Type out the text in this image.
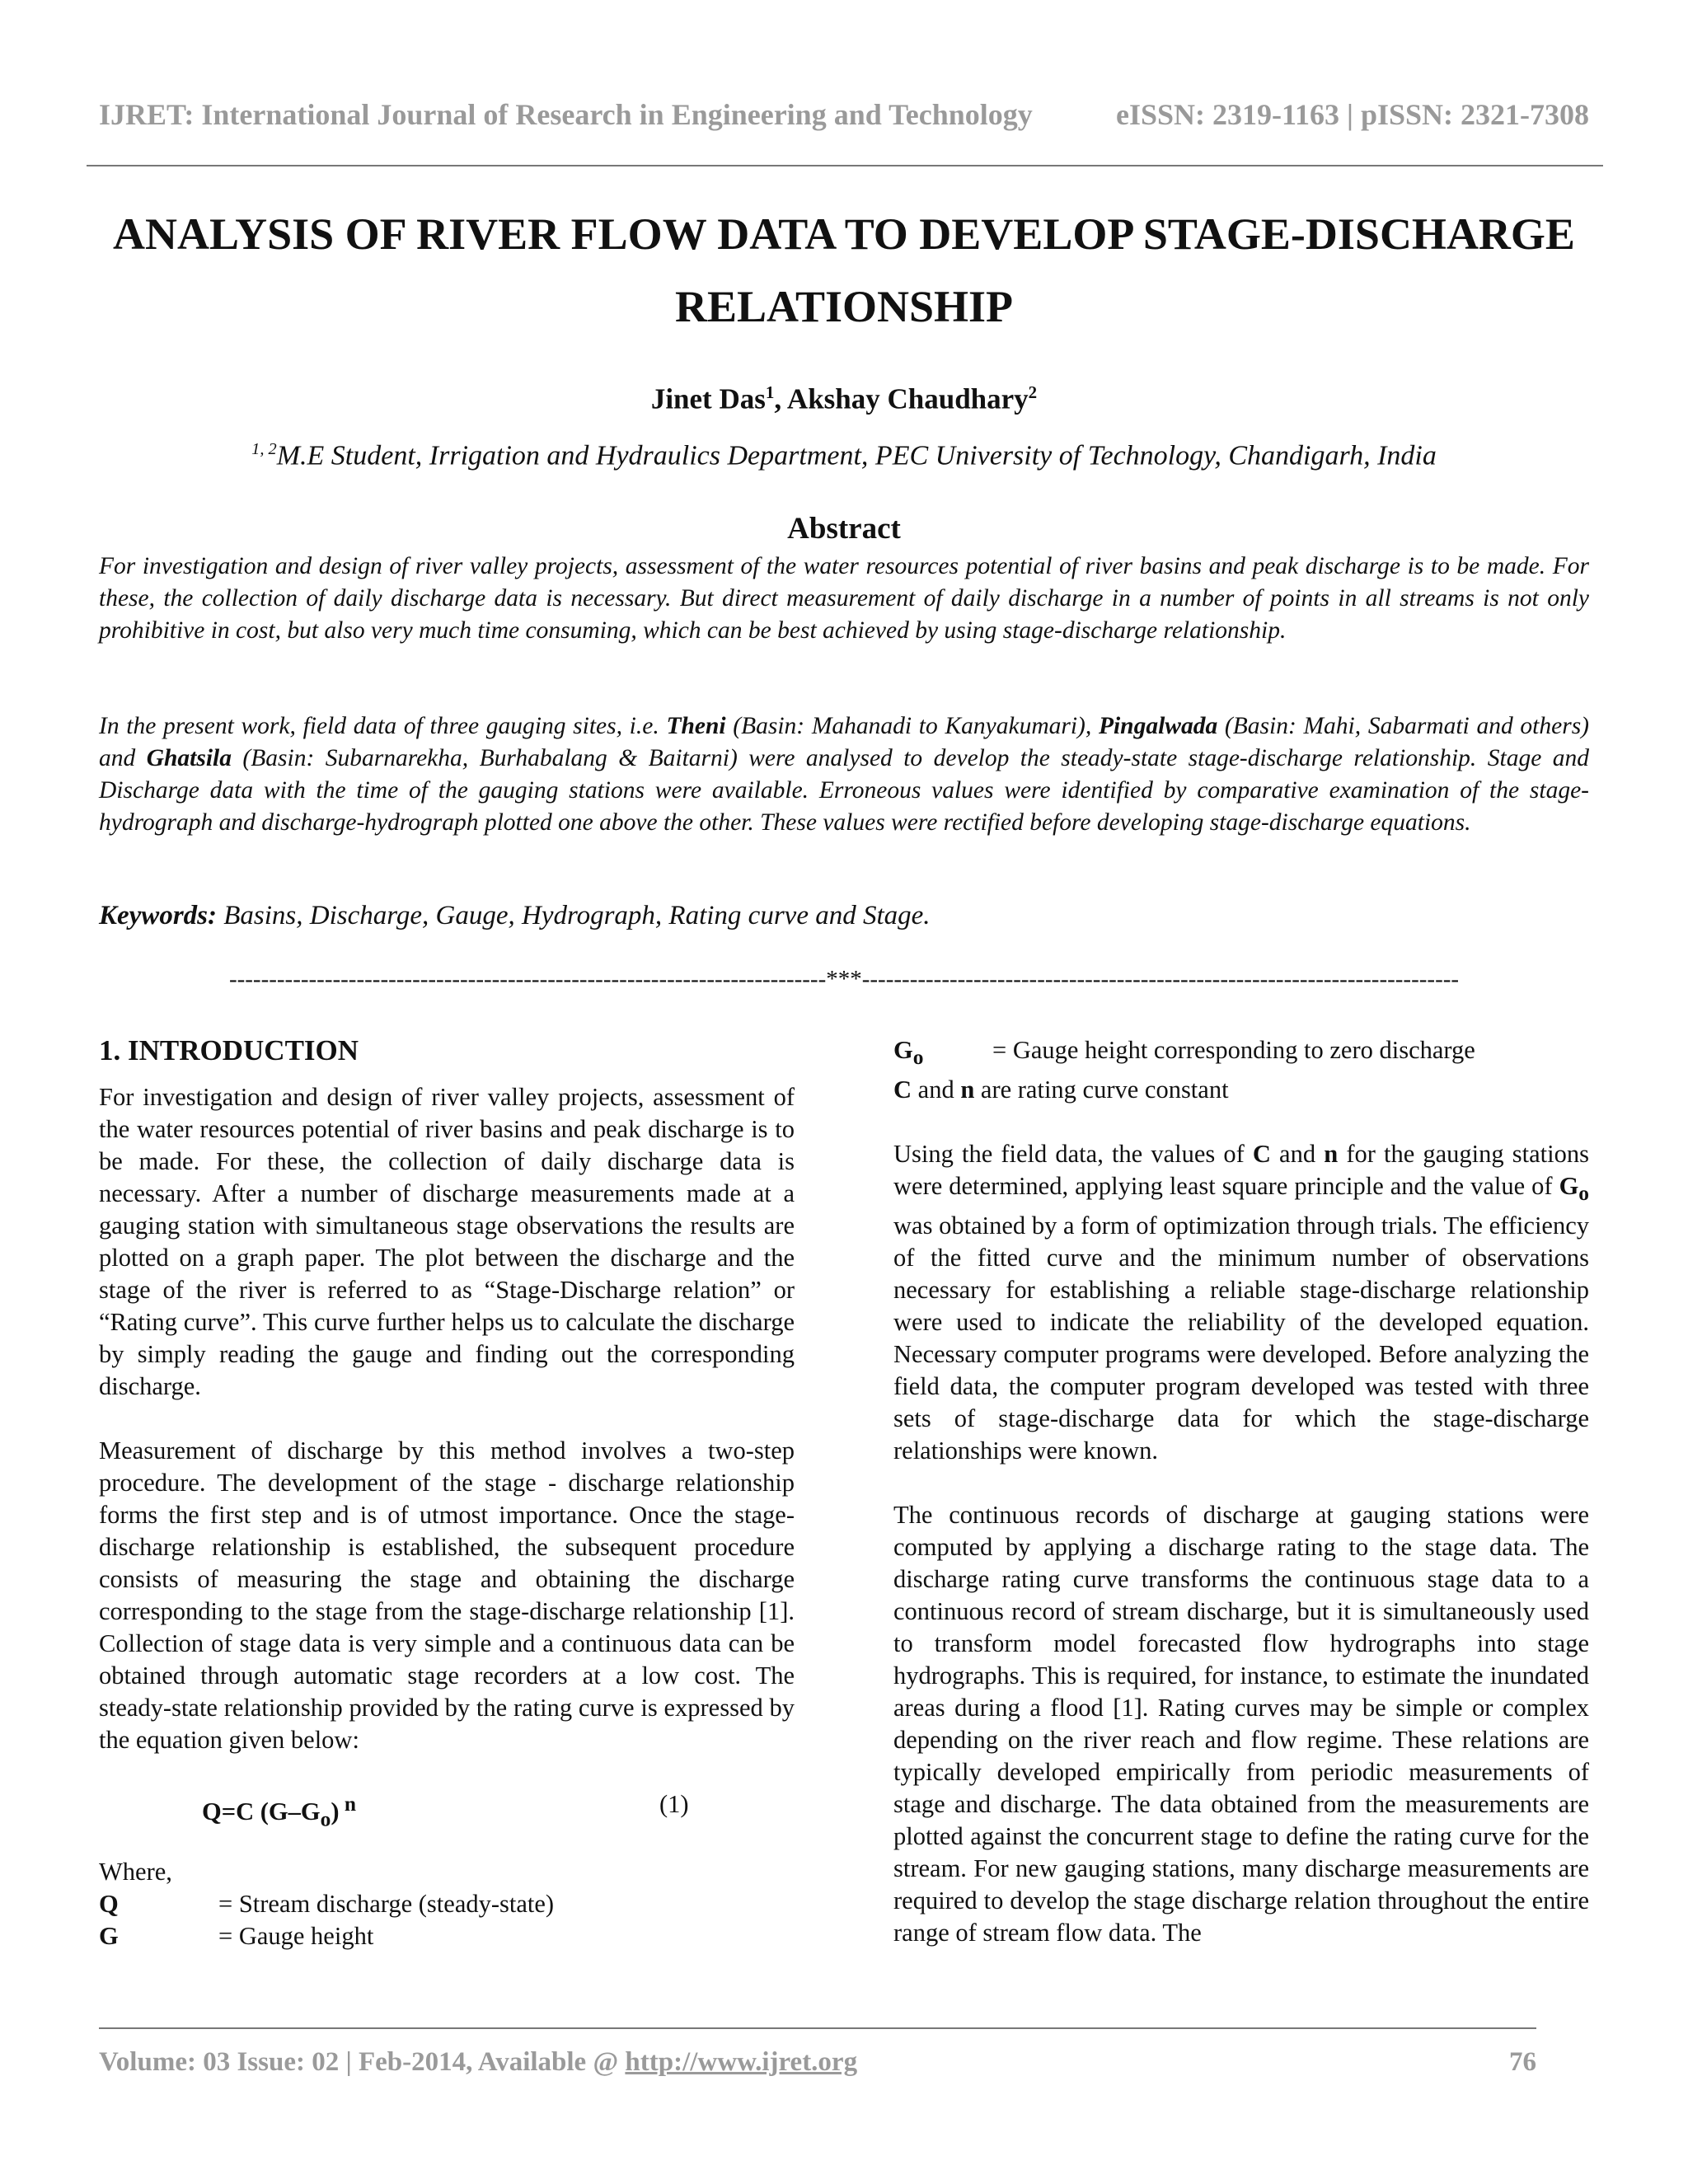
IJRET: International Journal of Research in Engineering and Technology	eISSN: 2319-1163 | pISSN: 2321-7308
ANALYSIS OF RIVER FLOW DATA TO DEVELOP STAGE-DISCHARGE
RELATIONSHIP
Jinet Das$^1$, Akshay Chaudhary$^2$
$^{1, 2}$M.E Student, Irrigation and Hydraulics Department, PEC University of Technology, Chandigarh, India
Abstract

For investigation and design of river valley projects, assessment of the water resources potential of river basins and peak discharge is to be made. For these, the collection of daily discharge data is necessary. But direct measurement of daily discharge in a number of points in all streams is not only prohibitive in cost, but also very much time consuming, which can be best achieved by using stage-discharge relationship.

In the present work, field data of three gauging sites, i.e. Theni (Basin: Mahanadi to Kanyakumari), Pingalwada (Basin: Mahi, Sabarmati and others) and Ghatsila (Basin: Subarnarekha, Burhabalang & Baitarni) were analysed to develop the steady-state stage-discharge relationship. Stage and Discharge data with the time of the gauging stations were available. Erroneous values were identified by comparative examination of the stage-hydrograph and discharge-hydrograph plotted one above the other. These values were rectified before developing stage-discharge equations.

Keywords: Basins, Discharge, Gauge, Hydrograph, Rating curve and Stage.
---------------------------------------------------------------------------***---------------------------------------------------------------------------
1. INTRODUCTION

For investigation and design of river valley projects, assessment of the water resources potential of river basins and peak discharge is to be made. For these, the collection of daily discharge data is necessary. After a number of discharge measurements made at a gauging station with simultaneous stage observations the results are plotted on a graph paper. The plot between the discharge and the stage of the river is referred to as “Stage-Discharge relation” or “Rating curve”. This curve further helps us to calculate the discharge by simply reading the gauge and finding out the corresponding discharge.

Measurement of discharge by this method involves a two-step procedure. The development of the stage - discharge relationship forms the first step and is of utmost importance. Once the stage-discharge relationship is established, the subsequent procedure consists of measuring the stage and obtaining the discharge corresponding to the stage from the stage-discharge relationship [1]. Collection of stage data is very simple and a continuous data can be obtained through automatic stage recorders at a low cost. The steady-state relationship provided by the rating curve is expressed by the equation given below:

Q=C $(G-G_o)$ $^n$	(1)
Where,
Q	= Stream discharge (steady-state)
G	= Gauge height
$G_o$	= Gauge height corresponding to zero discharge
C and n are rating curve constant

Using the field data, the values of C and n for the gauging stations were determined, applying least square principle and the value of $G_o$ was obtained by a form of optimization through trials. The efficiency of the fitted curve and the minimum number of observations necessary for establishing a reliable stage-discharge relationship were used to indicate the reliability of the developed equation. Necessary computer programs were developed. Before analyzing the field data, the computer program developed was tested with three sets of stage-discharge data for which the stage-discharge relationships were known.

The continuous records of discharge at gauging stations were computed by applying a discharge rating to the stage data. The discharge rating curve transforms the continuous stage data to a continuous record of stream discharge, but it is simultaneously used to transform model forecasted flow hydrographs into stage hydrographs. This is required, for instance, to estimate the inundated areas during a flood [1]. Rating curves may be simple or complex depending on the river reach and flow regime. These relations are typically developed empirically from periodic measurements of stage and discharge. The data obtained from the measurements are plotted against the concurrent stage to define the rating curve for the stream. For new gauging stations, many discharge measurements are required to develop the stage discharge relation throughout the entire range of stream flow data. The

Volume: 03 Issue: 02 | Feb-2014, Available @ http://www.ijret.org	76
